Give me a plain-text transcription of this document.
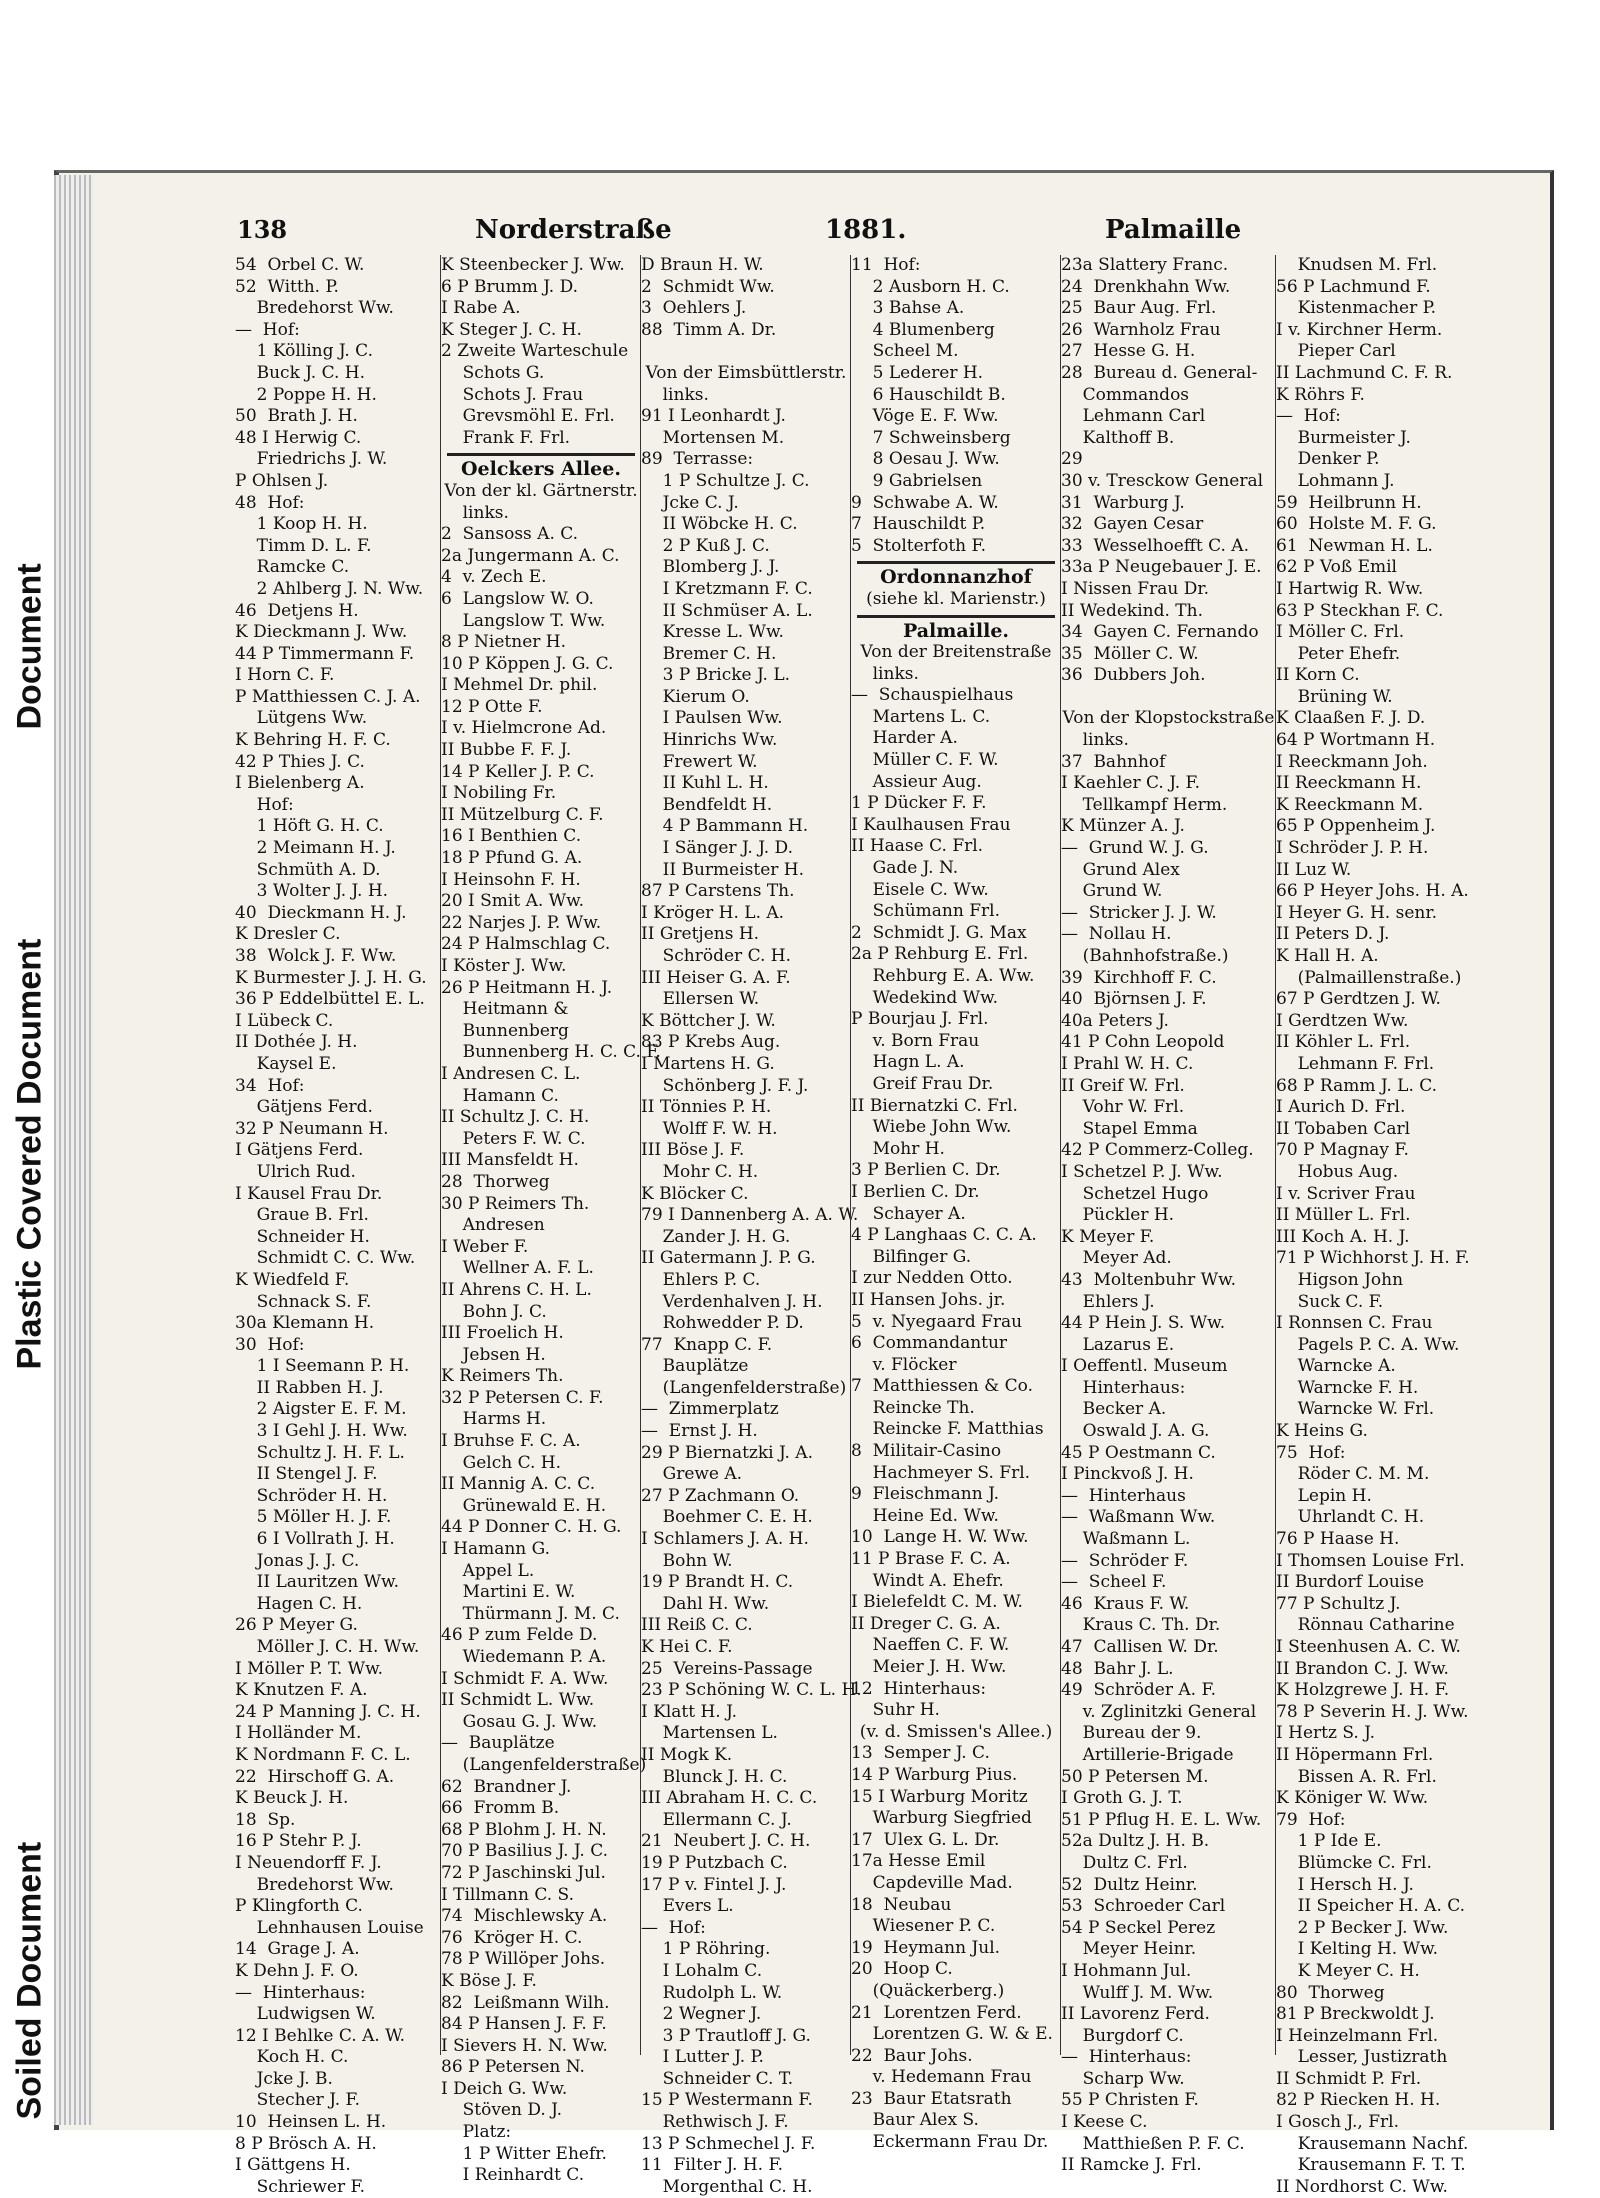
Plastic Covered Document
Soiled Document
Document
138	Norderstraße	1881.	Palmaille
54  Orbel C. W.
52  Witth. P.
Bredehorst Ww.
—  Hof:
1 Kölling J. C.
Buck J. C. H.
2 Poppe H. H.
50  Brath J. H.
48 I Herwig C.
Friedrichs J. W.
P Ohlsen J.
48  Hof:
1 Koop H. H.
Timm D. L. F.
Ramcke C.
2 Ahlberg J. N. Ww.
46  Detjens H.
K Dieckmann J. Ww.
44 P Timmermann F.
I Horn C. F.
P Matthiessen C. J. A.
Lütgens Ww.
K Behring H. F. C.
42 P Thies J. C.
I Bielenberg A.
Hof:
1 Höft G. H. C.
2 Meimann H. J.
Schmüth A. D.
3 Wolter J. J. H.
40  Dieckmann H. J.
K Dresler C.
38  Wolck J. F. Ww.
K Burmester J. J. H. G.
36 P Eddelbüttel E. L.
I Lübeck C.
II Dothée J. H.
Kaysel E.
34  Hof:
Gätjens Ferd.
32 P Neumann H.
I Gätjens Ferd.
Ulrich Rud.
I Kausel Frau Dr.
Graue B. Frl.
Schneider H.
Schmidt C. C. Ww.
K Wiedfeld F.
Schnack S. F.
30a Klemann H.
30  Hof:
1 I Seemann P. H.
II Rabben H. J.
2 Aigster E. F. M.
3 I Gehl J. H. Ww.
Schultz J. H. F. L.
II Stengel J. F.
Schröder H. H.
5 Möller H. J. F.
6 I Vollrath J. H.
Jonas J. J. C.
II Lauritzen Ww.
Hagen C. H.
26 P Meyer G.
Möller J. C. H. Ww.
I Möller P. T. Ww.
K Knutzen F. A.
24 P Manning J. C. H.
I Holländer M.
K Nordmann F. C. L.
22  Hirschoff G. A.
K Beuck J. H.
18  Sp.
16 P Stehr P. J.
I Neuendorff F. J.
Bredehorst Ww.
P Klingforth C.
Lehnhausen Louise
14  Grage J. A.
K Dehn J. F. O.
—  Hinterhaus:
Ludwigsen W.
12 I Behlke C. A. W.
Koch H. C.
Jcke J. B.
Stecher J. F.
10  Heinsen L. H.
8 P Brösch A. H.
I Gättgens H.
Schriewer F.
K Steenbecker J. Ww.
6 P Brumm J. D.
I Rabe A.
K Steger J. C. H.
2 Zweite Warteschule
Schots G.
Schots J. Frau
Grevsmöhl E. Frl.
Frank F. Frl.
Oelckers Allee.
Von der kl. Gärtnerstr.
links.
2  Sansoss A. C.
2a Jungermann A. C.
4  v. Zech E.
6  Langslow W. O.
Langslow T. Ww.
8 P Nietner H.
10 P Köppen J. G. C.
I Mehmel Dr. phil.
12 P Otte F.
I v. Hielmcrone Ad.
II Bubbe F. F. J.
14 P Keller J. P. C.
I Nobiling Fr.
II Mützelburg C. F.
16 I Benthien C.
18 P Pfund G. A.
I Heinsohn F. H.
20 I Smit A. Ww.
22 Narjes J. P. Ww.
24 P Halmschlag C.
I Köster J. Ww.
26 P Heitmann H. J.
Heitmann &
Bunnenberg
Bunnenberg H. C. C. F.
I Andresen C. L.
Hamann C.
II Schultz J. C. H.
Peters F. W. C.
III Mansfeldt H.
28  Thorweg
30 P Reimers Th.
Andresen
I Weber F.
Wellner A. F. L.
II Ahrens C. H. L.
Bohn J. C.
III Froelich H.
Jebsen H.
K Reimers Th.
32 P Petersen C. F.
Harms H.
I Bruhse F. C. A.
Gelch C. H.
II Mannig A. C. C.
Grünewald E. H.
44 P Donner C. H. G.
I Hamann G.
Appel L.
Martini E. W.
Thürmann J. M. C.
46 P zum Felde D.
Wiedemann P. A.
I Schmidt F. A. Ww.
II Schmidt L. Ww.
Gosau G. J. Ww.
—  Bauplätze
(Langenfelderstraße)
62  Brandner J.
66  Fromm B.
68 P Blohm J. H. N.
70 P Basilius J. J. C.
72 P Jaschinski Jul.
I Tillmann C. S.
74  Mischlewsky A.
76  Kröger H. C.
78 P Willöper Johs.
K Böse J. F.
82  Leißmann Wilh.
84 P Hansen J. F. F.
I Sievers H. N. Ww.
86 P Petersen N.
I Deich G. Ww.
Stöven D. J.
Platz:
1 P Witter Ehefr.
I Reinhardt C.
D Braun H. W.
2  Schmidt Ww.
3  Oehlers J.
88  Timm A. Dr.
Von der Eimsbüttlerstr.
links.
91 I Leonhardt J.
Mortensen M.
89  Terrasse:
1 P Schultze J. C.
Jcke C. J.
II Wöbcke H. C.
2 P Kuß J. C.
Blomberg J. J.
I Kretzmann F. C.
II Schmüser A. L.
Kresse L. Ww.
Bremer C. H.
3 P Bricke J. L.
Kierum O.
I Paulsen Ww.
Hinrichs Ww.
Frewert W.
II Kuhl L. H.
Bendfeldt H.
4 P Bammann H.
I Sänger J. J. D.
II Burmeister H.
87 P Carstens Th.
I Kröger H. L. A.
II Gretjens H.
Schröder C. H.
III Heiser G. A. F.
Ellersen W.
K Böttcher J. W.
83 P Krebs Aug.
I Martens H. G.
Schönberg J. F. J.
II Tönnies P. H.
Wolff F. W. H.
III Böse J. F.
Mohr C. H.
K Blöcker C.
79 I Dannenberg A. A. W.
Zander J. H. G.
II Gatermann J. P. G.
Ehlers P. C.
Verdenhalven J. H.
Rohwedder P. D.
77  Knapp C. F.
Bauplätze
(Langenfelderstraße)
—  Zimmerplatz
—  Ernst J. H.
29 P Biernatzki J. A.
Grewe A.
27 P Zachmann O.
Boehmer C. E. H.
I Schlamers J. A. H.
Bohn W.
19 P Brandt H. C.
Dahl H. Ww.
III Reiß C. C.
K Hei C. F.
25  Vereins-Passage
23 P Schöning W. C. L. H.
I Klatt H. J.
Martensen L.
II Mogk K.
Blunck J. H. C.
III Abraham H. C. C.
Ellermann C. J.
21  Neubert J. C. H.
19 P Putzbach C.
17 P v. Fintel J. J.
Evers L.
—  Hof:
1 P Röhring.
I Lohalm C.
Rudolph L. W.
2 Wegner J.
3 P Trautloff J. G.
I Lutter J. P.
Schneider C. T.
15 P Westermann F.
Rethwisch J. F.
13 P Schmechel J. F.
11  Filter J. H. F.
Morgenthal C. H.
11  Hof:
2 Ausborn H. C.
3 Bahse A.
4 Blumenberg
Scheel M.
5 Lederer H.
6 Hauschildt B.
Vöge E. F. Ww.
7 Schweinsberg
8 Oesau J. Ww.
9 Gabrielsen
9  Schwabe A. W.
7  Hauschildt P.
5  Stolterfoth F.
Ordonnanzhof
(siehe kl. Marienstr.)
Palmaille.
Von der Breitenstraße
links.
—  Schauspielhaus
Martens L. C.
Harder A.
Müller C. F. W.
Assieur Aug.
1 P Dücker F. F.
I Kaulhausen Frau
II Haase C. Frl.
Gade J. N.
Eisele C. Ww.
Schümann Frl.
2  Schmidt J. G. Max
2a P Rehburg E. Frl.
Rehburg E. A. Ww.
Wedekind Ww.
P Bourjau J. Frl.
v. Born Frau
Hagn L. A.
Greif Frau Dr.
II Biernatzki C. Frl.
Wiebe John Ww.
Mohr H.
3 P Berlien C. Dr.
I Berlien C. Dr.
Schayer A.
4 P Langhaas C. C. A.
Bilfinger G.
I zur Nedden Otto.
II Hansen Johs. jr.
5  v. Nyegaard Frau
6  Commandantur
v. Flöcker
7  Matthiessen & Co.
Reincke Th.
Reincke F. Matthias
8  Militair-Casino
Hachmeyer S. Frl.
9  Fleischmann J.
Heine Ed. Ww.
10  Lange H. W. Ww.
11 P Brase F. C. A.
Windt A. Ehefr.
I Bielefeldt C. M. W.
II Dreger C. G. A.
Naeffen C. F. W.
Meier J. H. Ww.
12  Hinterhaus:
Suhr H.
(v. d. Smissen's Allee.)
13  Semper J. C.
14 P Warburg Pius.
15 I Warburg Moritz
Warburg Siegfried
17  Ulex G. L. Dr.
17a Hesse Emil
Capdeville Mad.
18  Neubau
Wiesener P. C.
19  Heymann Jul.
20  Hoop C.
(Quäckerberg.)
21  Lorentzen Ferd.
Lorentzen G. W. & E.
22  Baur Johs.
v. Hedemann Frau
23  Baur Etatsrath
Baur Alex S.
Eckermann Frau Dr.
23a Slattery Franc.
24  Drenkhahn Ww.
25  Baur Aug. Frl.
26  Warnholz Frau
27  Hesse G. H.
28  Bureau d. General-
Commandos
Lehmann Carl
Kalthoff B.
29
30 v. Tresckow General
31  Warburg J.
32  Gayen Cesar
33  Wesselhoefft C. A.
33a P Neugebauer J. E.
I Nissen Frau Dr.
II Wedekind. Th.
34  Gayen C. Fernando
35  Möller C. W.
36  Dubbers Joh.
Von der Klopstockstraße
links.
37  Bahnhof
I Kaehler C. J. F.
Tellkampf Herm.
K Münzer A. J.
—  Grund W. J. G.
Grund Alex
Grund W.
—  Stricker J. J. W.
—  Nollau H.
(Bahnhofstraße.)
39  Kirchhoff F. C.
40  Björnsen J. F.
40a Peters J.
41 P Cohn Leopold
I Prahl W. H. C.
II Greif W. Frl.
Vohr W. Frl.
Stapel Emma
42 P Commerz-Colleg.
I Schetzel P. J. Ww.
Schetzel Hugo
Pückler H.
K Meyer F.
Meyer Ad.
43  Moltenbuhr Ww.
Ehlers J.
44 P Hein J. S. Ww.
Lazarus E.
I Oeffentl. Museum
Hinterhaus:
Becker A.
Oswald J. A. G.
45 P Oestmann C.
I Pinckvoß J. H.
—  Hinterhaus
—  Waßmann Ww.
Waßmann L.
—  Schröder F.
—  Scheel F.
46  Kraus F. W.
Kraus C. Th. Dr.
47  Callisen W. Dr.
48  Bahr J. L.
49  Schröder A. F.
v. Zglinitzki General
Bureau der 9.
Artillerie-Brigade
50 P Petersen M.
I Groth G. J. T.
51 P Pflug H. E. L. Ww.
52a Dultz J. H. B.
Dultz C. Frl.
52  Dultz Heinr.
53  Schroeder Carl
54 P Seckel Perez
Meyer Heinr.
I Hohmann Jul.
Wulff J. M. Ww.
II Lavorenz Ferd.
Burgdorf C.
—  Hinterhaus:
Scharp Ww.
55 P Christen F.
I Keese C.
Matthießen P. F. C.
II Ramcke J. Frl.
Knudsen M. Frl.
56 P Lachmund F.
Kistenmacher P.
I v. Kirchner Herm.
Pieper Carl
II Lachmund C. F. R.
K Röhrs F.
—  Hof:
Burmeister J.
Denker P.
Lohmann J.
59  Heilbrunn H.
60  Holste M. F. G.
61  Newman H. L.
62 P Voß Emil
I Hartwig R. Ww.
63 P Steckhan F. C.
I Möller C. Frl.
Peter Ehefr.
II Korn C.
Brüning W.
K Claaßen F. J. D.
64 P Wortmann H.
I Reeckmann Joh.
II Reeckmann H.
K Reeckmann M.
65 P Oppenheim J.
I Schröder J. P. H.
II Luz W.
66 P Heyer Johs. H. A.
I Heyer G. H. senr.
II Peters D. J.
K Hall H. A.
(Palmaillenstraße.)
67 P Gerdtzen J. W.
I Gerdtzen Ww.
II Köhler L. Frl.
Lehmann F. Frl.
68 P Ramm J. L. C.
I Aurich D. Frl.
II Tobaben Carl
70 P Magnay F.
Hobus Aug.
I v. Scriver Frau
II Müller L. Frl.
III Koch A. H. J.
71 P Wichhorst J. H. F.
Higson John
Suck C. F.
I Ronnsen C. Frau
Pagels P. C. A. Ww.
Warncke A.
Warncke F. H.
Warncke W. Frl.
K Heins G.
75  Hof:
Röder C. M. M.
Lepin H.
Uhrlandt C. H.
76 P Haase H.
I Thomsen Louise Frl.
II Burdorf Louise
77 P Schultz J.
Rönnau Catharine
I Steenhusen A. C. W.
II Brandon C. J. Ww.
K Holzgrewe J. H. F.
78 P Severin H. J. Ww.
I Hertz S. J.
II Höpermann Frl.
Bissen A. R. Frl.
K Königer W. Ww.
79  Hof:
1 P Ide E.
Blümcke C. Frl.
I Hersch H. J.
II Speicher H. A. C.
2 P Becker J. Ww.
I Kelting H. Ww.
K Meyer C. H.
80  Thorweg
81 P Breckwoldt J.
I Heinzelmann Frl.
Lesser, Justizrath
II Schmidt P. Frl.
82 P Riecken H. H.
I Gosch J., Frl.
Krausemann Nachf.
Krausemann F. T. T.
II Nordhorst C. Ww.
